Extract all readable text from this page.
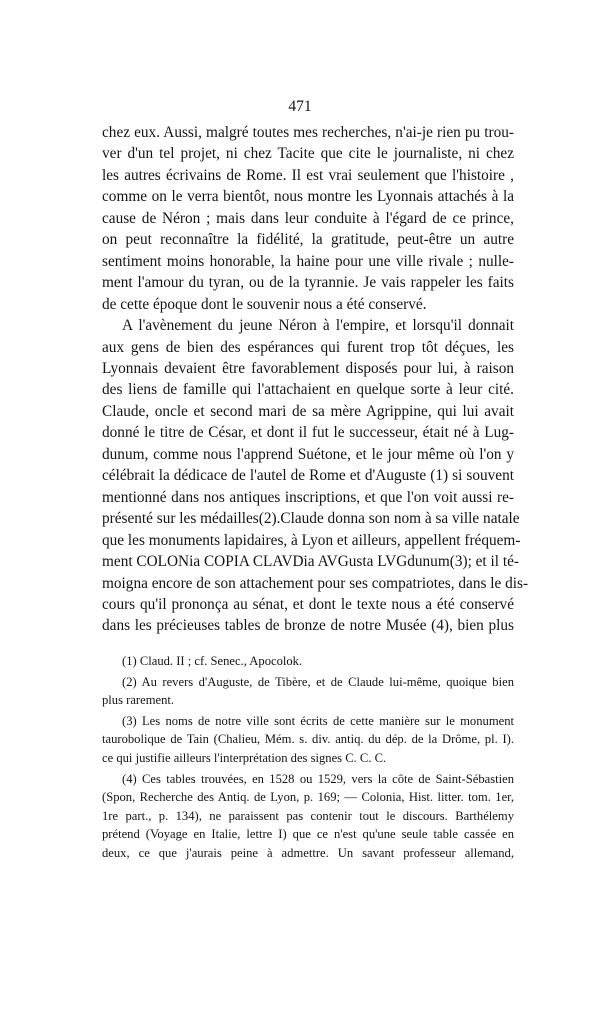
471
chez eux. Aussi, malgré toutes mes recherches, n'ai-je rien pu trou-
ver d'un tel projet, ni chez Tacite que cite le journaliste, ni chez
les autres écrivains de Rome. Il est vrai seulement que l'histoire ,
comme on le verra bientôt, nous montre les Lyonnais attachés à la
cause de Néron ; mais dans leur conduite à l'égard de ce prince,
on peut reconnaître la fidélité, la gratitude, peut-être un autre
sentiment moins honorable, la haine pour une ville rivale ; nulle-
ment l'amour du tyran, ou de la tyrannie. Je vais rappeler les faits
de cette époque dont le souvenir nous a été conservé.
A l'avènement du jeune Néron à l'empire, et lorsqu'il donnait
aux gens de bien des espérances qui furent trop tôt déçues, les
Lyonnais devaient être favorablement disposés pour lui, à raison
des liens de famille qui l'attachaient en quelque sorte à leur cité.
Claude, oncle et second mari de sa mère Agrippine, qui lui avait
donné le titre de César, et dont il fut le successeur, était né à Lug-
dunum, comme nous l'apprend Suétone, et le jour même où l'on y
célébrait la dédicace de l'autel de Rome et d'Auguste (1) si souvent
mentionné dans nos antiques inscriptions, et que l'on voit aussi re-
présenté sur les médailles(2).Claude donna son nom à sa ville natale
que les monuments lapidaires, à Lyon et ailleurs, appellent fréquem-
ment COLONia COPIA CLAVDia AVGusta LVGdunum(3); et il té-
moigna encore de son attachement pour ses compatriotes, dans le dis-
cours qu'il prononça au sénat, et dont le texte nous a été conservé
dans les précieuses tables de bronze de notre Musée (4), bien plus
(1) Claud. II ; cf. Senec., Apocolok.
(2) Au revers d'Auguste, de Tibère, et de Claude lui-même, quoique bien
plus rarement.
(3) Les noms de notre ville sont écrits de cette manière sur le monument
taurobolique de Tain (Chalieu, Mém. s. div. antiq. du dép. de la Drôme, pl. I).
ce qui justifie ailleurs l'interprétation des signes C. C. C.
(4) Ces tables trouvées, en 1528 ou 1529, vers la côte de Saint-Sébastien
(Spon, Recherche des Antiq. de Lyon, p. 169; — Colonia, Hist. litter. tom. 1er,
1re part., p. 134), ne paraissent pas contenir tout le discours. Barthélemy
prétend (Voyage en Italie, lettre I) que ce n'est qu'une seule table cassée en
deux, ce que j'aurais peine à admettre. Un savant professeur allemand,
